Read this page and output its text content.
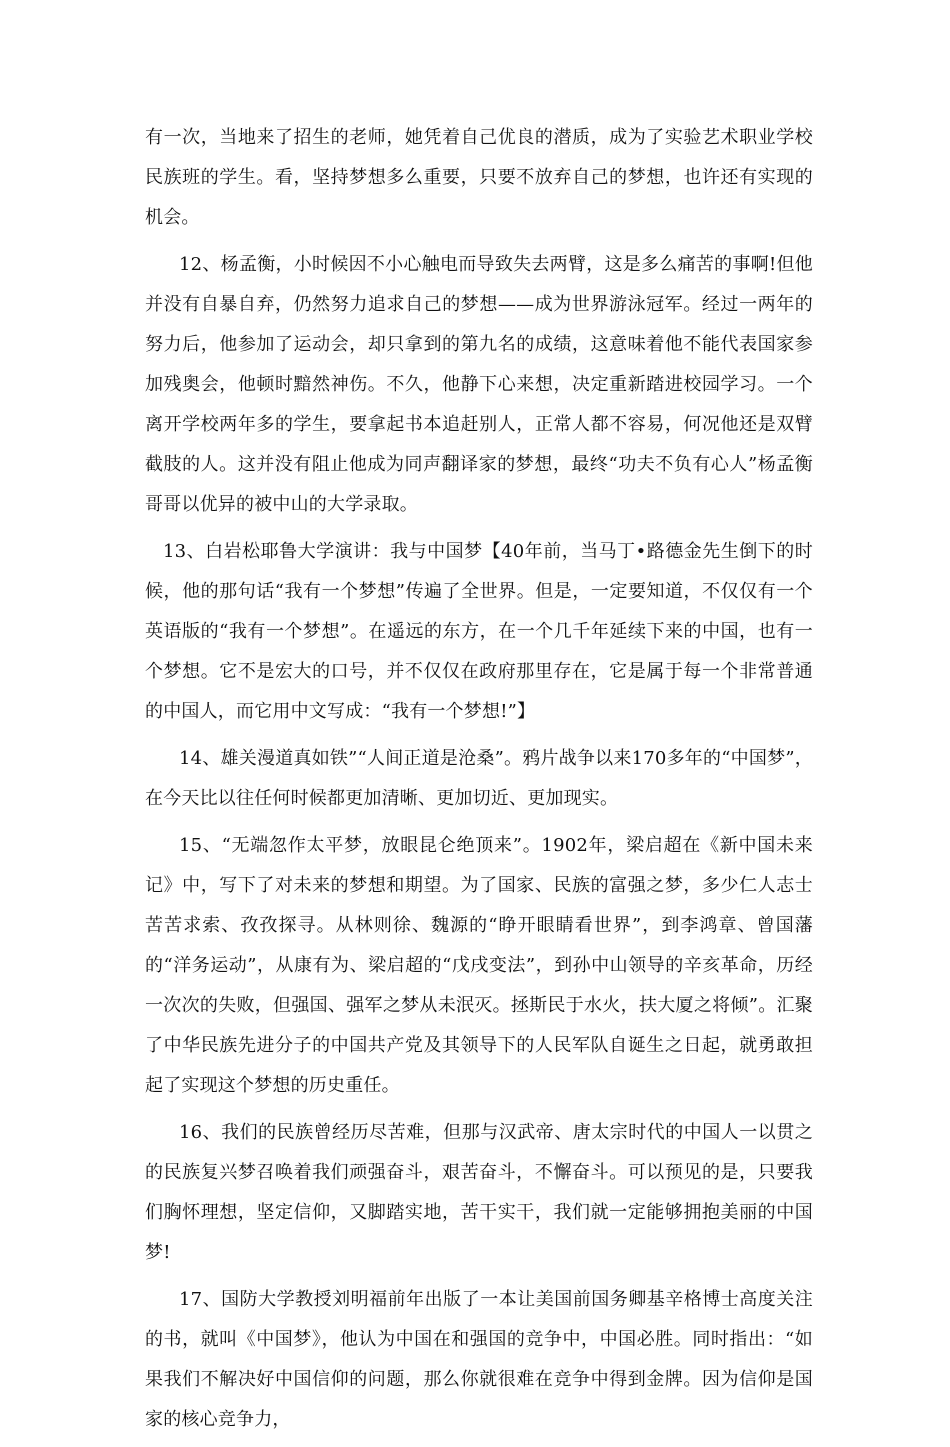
有一次，当地来了招生的老师，她凭着自己优良的潜质，成为了实验艺术职业学校民族班的学生。看，坚持梦想多么重要，只要不放弃自己的梦想，也许还有实现的机会。

12、杨孟衡，小时候因不小心触电而导致失去两臂，这是多么痛苦的事啊!但他并没有自暴自弃，仍然努力追求自己的梦想——成为世界游泳冠军。经过一两年的努力后，他参加了运动会，却只拿到的第九名的成绩，这意味着他不能代表国家参加残奥会，他顿时黯然神伤。不久，他静下心来想，决定重新踏进校园学习。一个离开学校两年多的学生，要拿起书本追赶别人，正常人都不容易，何况他还是双臂截肢的人。这并没有阻止他成为同声翻译家的梦想，最终“功夫不负有心人”杨孟衡哥哥以优异的被中山的大学录取。

13、白岩松耶鲁大学演讲：我与中国梦【40年前，当马丁•路德金先生倒下的时候，他的那句话“我有一个梦想”传遍了全世界。但是，一定要知道，不仅仅有一个英语版的“我有一个梦想”。在遥远的东方，在一个几千年延续下来的中国，也有一个梦想。它不是宏大的口号，并不仅仅在政府那里存在，它是属于每一个非常普通的中国人，而它用中文写成：“我有一个梦想!”】

14、雄关漫道真如铁”“人间正道是沧桑”。鸦片战争以来170多年的“中国梦”，在今天比以往任何时候都更加清晰、更加切近、更加现实。

15、“无端忽作太平梦，放眼昆仑绝顶来”。1902年，梁启超在《新中国未来记》中，写下了对未来的梦想和期望。为了国家、民族的富强之梦，多少仁人志士苦苦求索、孜孜探寻。从林则徐、魏源的“睁开眼睛看世界”，到李鸿章、曾国藩的“洋务运动”，从康有为、梁启超的“戊戌变法”，到孙中山领导的辛亥革命，历经一次次的失败，但强国、强军之梦从未泯灭。拯斯民于水火，扶大厦之将倾”。汇聚了中华民族先进分子的中国共产党及其领导下的人民军队自诞生之日起，就勇敢担起了实现这个梦想的历史重任。

16、我们的民族曾经历尽苦难，但那与汉武帝、唐太宗时代的中国人一以贯之的民族复兴梦召唤着我们顽强奋斗，艰苦奋斗，不懈奋斗。可以预见的是，只要我们胸怀理想，坚定信仰，又脚踏实地，苦干实干，我们就一定能够拥抱美丽的中国梦!

17、国防大学教授刘明福前年出版了一本让美国前国务卿基辛格博士高度关注的书，就叫《中国梦》，他认为中国在和强国的竞争中，中国必胜。同时指出：“如果我们不解决好中国信仰的问题，那么你就很难在竞争中得到金牌。因为信仰是国家的核心竞争力，
